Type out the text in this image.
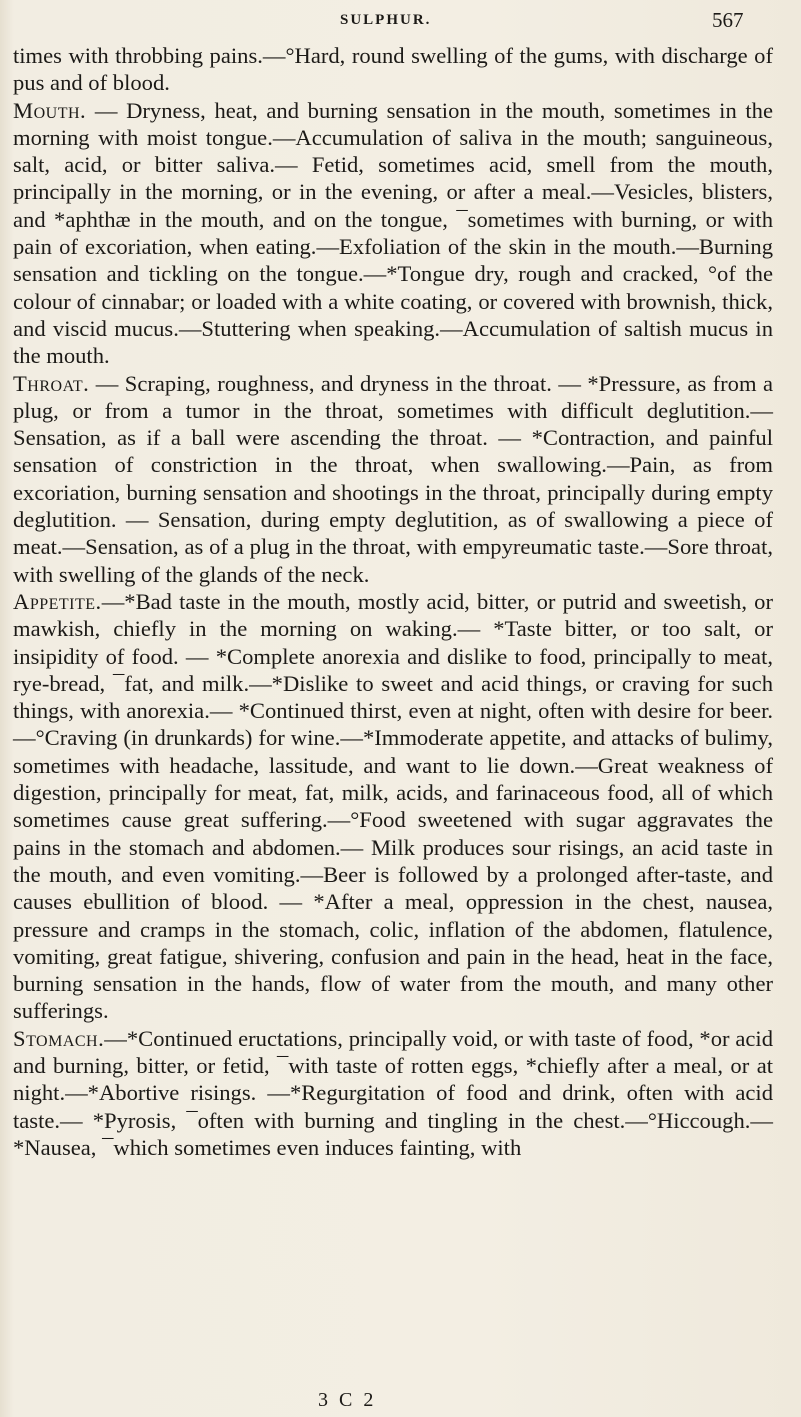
SULPHUR.	567

times with throbbing pains.—°Hard, round swelling of the gums, with discharge of pus and of blood.

Mouth. — Dryness, heat, and burning sensation in the mouth, sometimes in the morning with moist tongue.—Accumulation of saliva in the mouth; sanguineous, salt, acid, or bitter saliva.— Fetid, sometimes acid, smell from the mouth, principally in the morning, or in the evening, or after a meal.—Vesicles, blisters, and *aphthæ in the mouth, and on the tongue, ¯sometimes with burning, or with pain of excoriation, when eating.—Exfoliation of the skin in the mouth.—Burning sensation and tickling on the tongue.—*Tongue dry, rough and cracked, °of the colour of cinnabar; or loaded with a white coating, or covered with brownish, thick, and viscid mucus.—Stuttering when speaking.—Accumulation of saltish mucus in the mouth.

Throat. — Scraping, roughness, and dryness in the throat. — *Pressure, as from a plug, or from a tumor in the throat, sometimes with difficult deglutition.—Sensation, as if a ball were ascending the throat. — *Contraction, and painful sensation of constriction in the throat, when swallowing.—Pain, as from excoriation, burning sensation and shootings in the throat, principally during empty deglutition. — Sensation, during empty deglutition, as of swallowing a piece of meat.—Sensation, as of a plug in the throat, with empyreumatic taste.—Sore throat, with swelling of the glands of the neck.

Appetite.—*Bad taste in the mouth, mostly acid, bitter, or putrid and sweetish, or mawkish, chiefly in the morning on waking.— *Taste bitter, or too salt, or insipidity of food. — *Complete anorexia and dislike to food, principally to meat, rye-bread, ¯fat, and milk.—*Dislike to sweet and acid things, or craving for such things, with anorexia.— *Continued thirst, even at night, often with desire for beer.—°Craving (in drunkards) for wine.—*Immoderate appetite, and attacks of bulimy, sometimes with headache, lassitude, and want to lie down.—Great weakness of digestion, principally for meat, fat, milk, acids, and farinaceous food, all of which sometimes cause great suffering.—°Food sweetened with sugar aggravates the pains in the stomach and abdomen.— Milk produces sour risings, an acid taste in the mouth, and even vomiting.—Beer is followed by a prolonged after-taste, and causes ebullition of blood. — *After a meal, oppression in the chest, nausea, pressure and cramps in the stomach, colic, inflation of the abdomen, flatulence, vomiting, great fatigue, shivering, confusion and pain in the head, heat in the face, burning sensation in the hands, flow of water from the mouth, and many other sufferings.

Stomach.—*Continued eructations, principally void, or with taste of food, *or acid and burning, bitter, or fetid, ¯with taste of rotten eggs, *chiefly after a meal, or at night.—*Abortive risings. —*Regurgitation of food and drink, often with acid taste.— *Pyrosis, ¯often with burning and tingling in the chest.—°Hiccough.—*Nausea, ¯which sometimes even induces fainting, with

3 C 2
